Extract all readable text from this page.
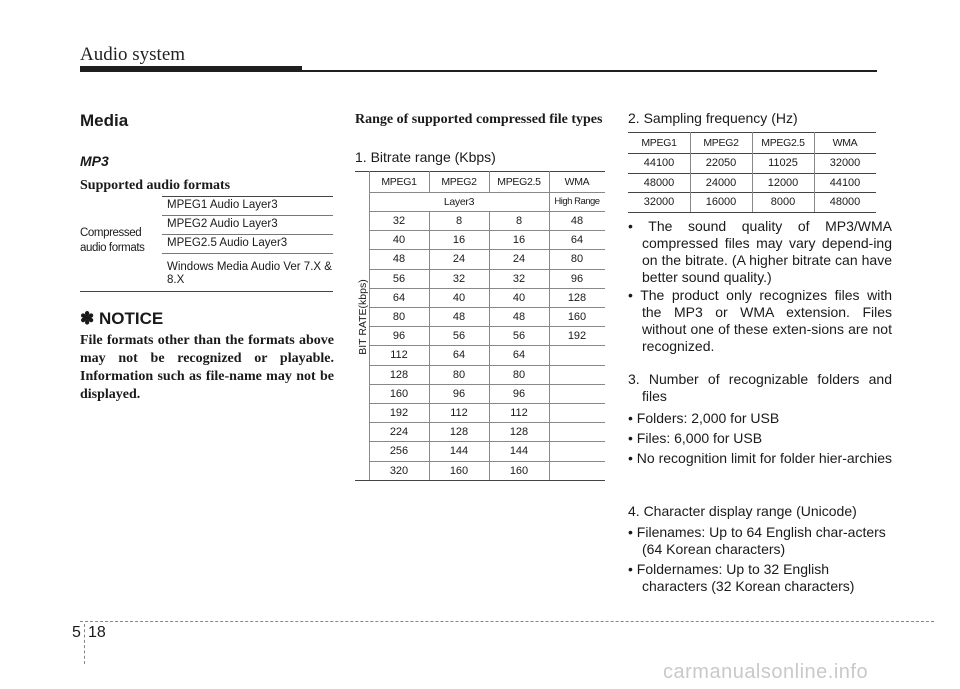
Audio system
Media
MP3
Supported audio formats
Compressed audio formats
MPEG1 Audio Layer3
MPEG2 Audio Layer3
MPEG2.5 Audio Layer3
Windows Media Audio Ver 7.X & 8.X
✽ NOTICE
File formats other than the formats above may not be recognized or playable. Information such as file-name may not be displayed.
Range of supported compressed file types
1. Bitrate range (Kbps)
BIT RATE(kbps)
MPEG1	MPEG2	MPEG2.5	WMA
Layer3	High Range
32	8	8	48
40	16	16	64
48	24	24	80
56	32	32	96
64	40	40	128
80	48	48	160
96	56	56	192
112	64	64
128	80	80
160	96	96
192	112	112
224	128	128
256	144	144
320	160	160
2. Sampling frequency (Hz)
MPEG1	MPEG2	MPEG2.5	WMA
44100	22050	11025	32000
48000	24000	12000	44100
32000	16000	8000	48000
• The sound quality of MP3/WMA compressed files may vary depend-ing on the bitrate. (A higher bitrate can have better sound quality.)
• The product only recognizes files with the MP3 or WMA extension. Files without one of these exten-sions are not recognized.
3. Number of recognizable folders and files
• Folders: 2,000 for USB
• Files: 6,000 for USB
• No recognition limit for folder hier-archies
4. Character display range (Unicode)
• Filenames: Up to 64 English char-acters (64 Korean characters)
• Foldernames: Up to 32 English characters (32 Korean characters)
5 18
carmanualsonline.info
